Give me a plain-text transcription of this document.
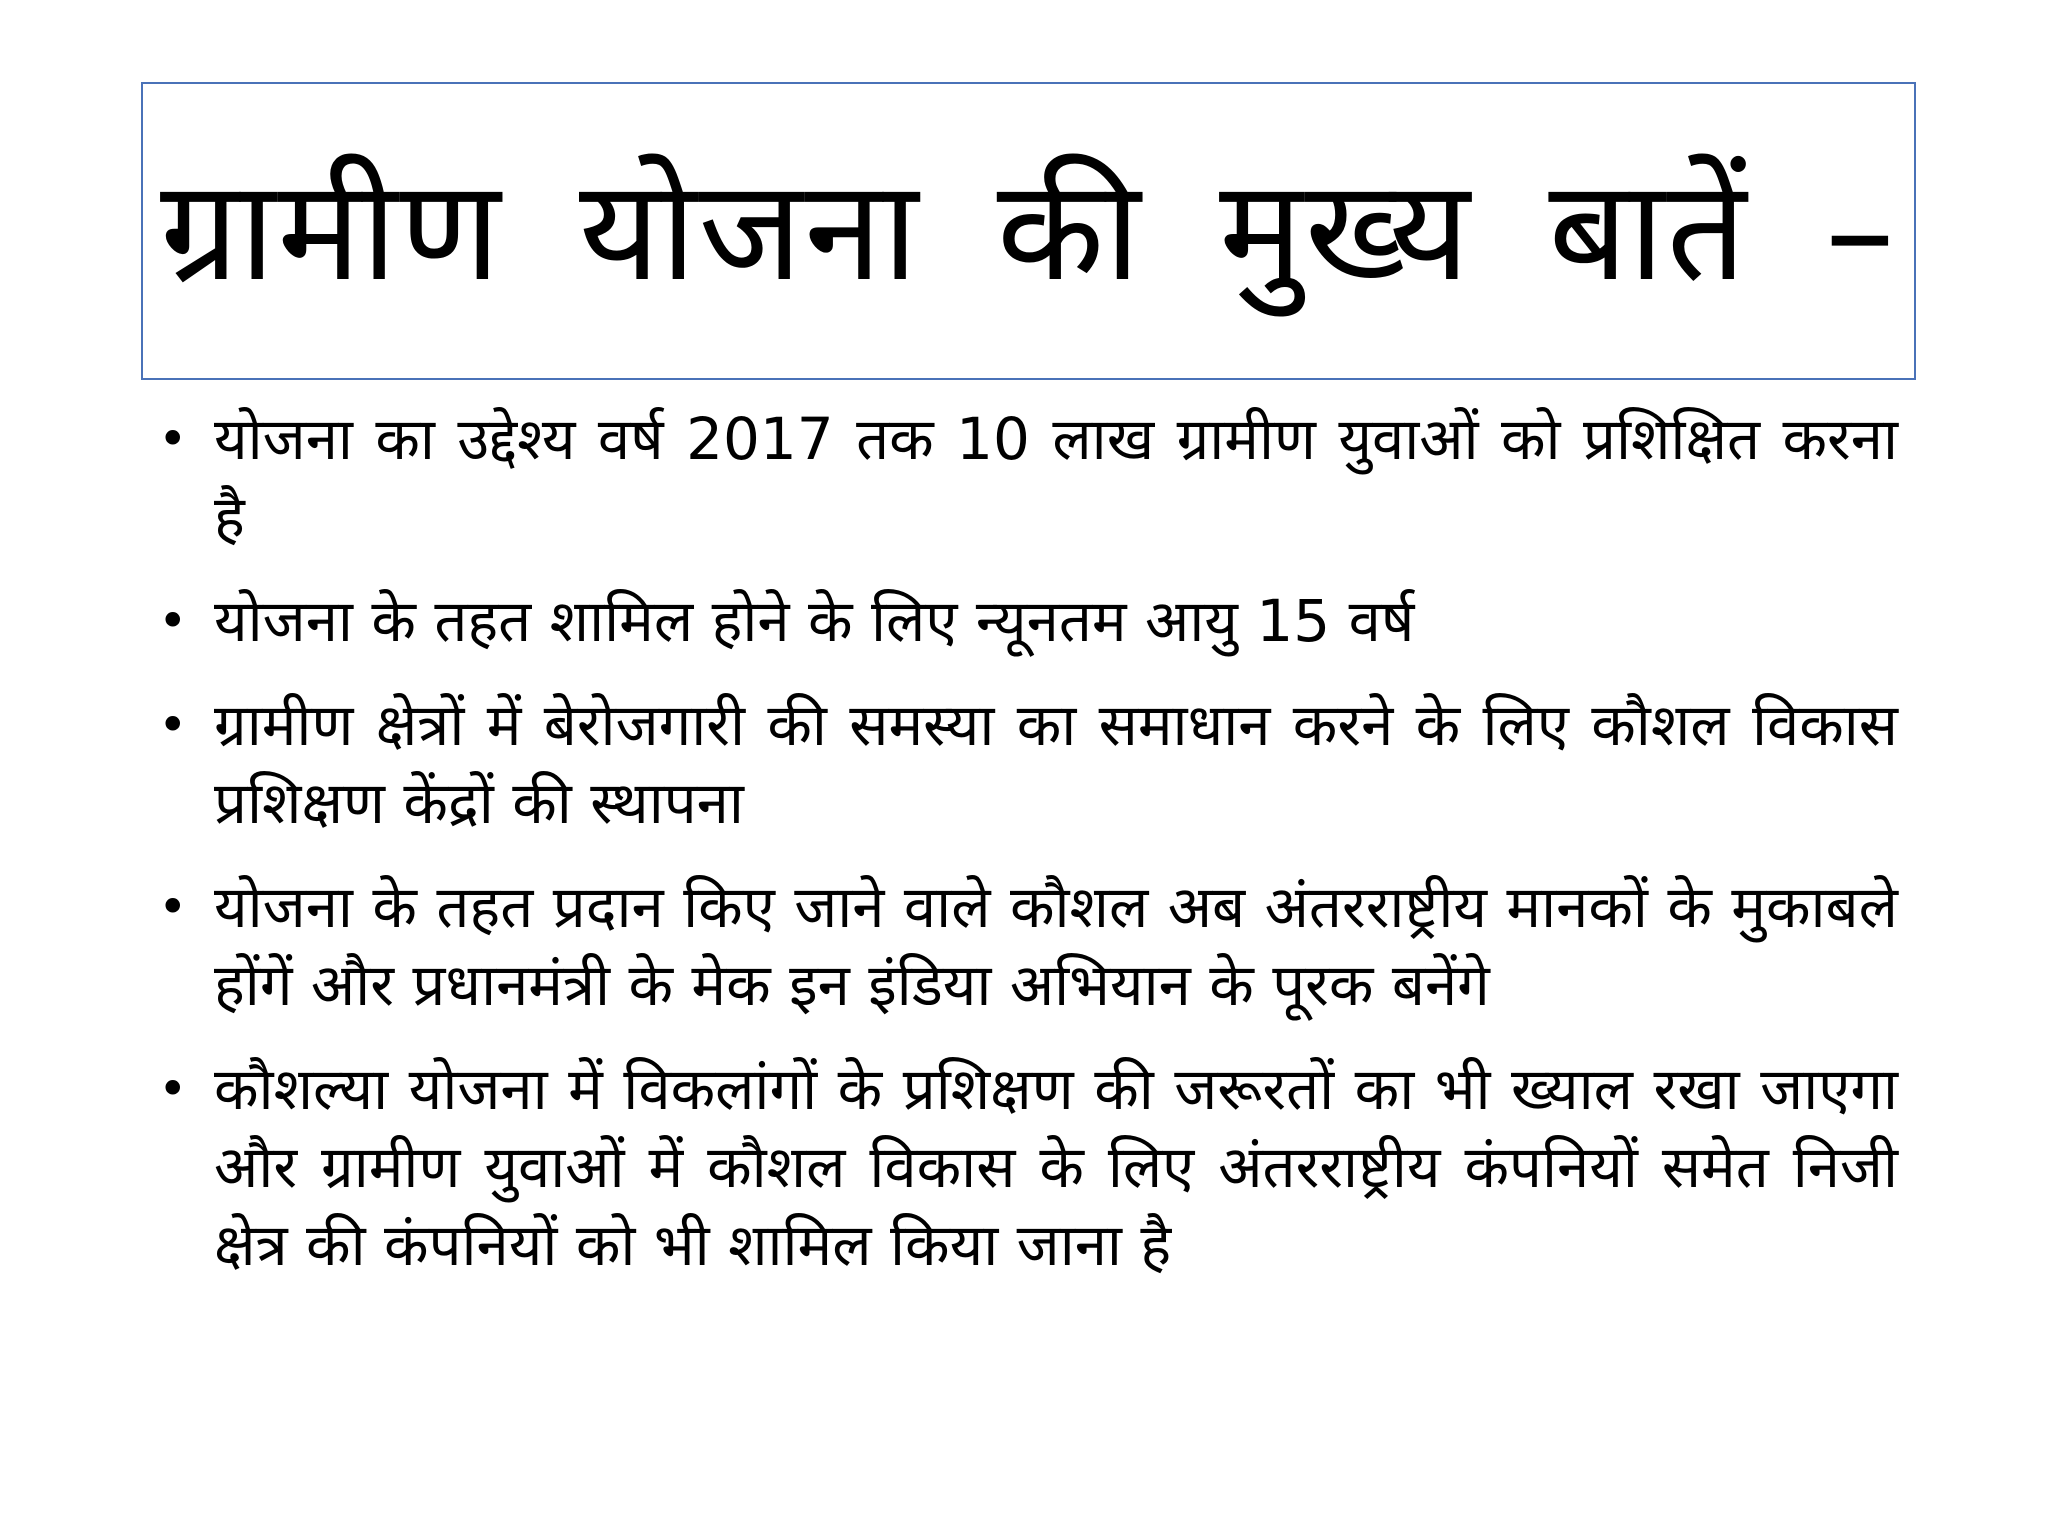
ग्रामीण योजना की मुख्य बातें –
• योजना का उद्देश्य वर्ष 2017 तक 10 लाख ग्रामीण युवाओं को प्रशिक्षित करना है
• योजना के तहत शामिल होने के लिए न्यूनतम आयु 15 वर्ष
• ग्रामीण क्षेत्रों में बेरोजगारी की समस्या का समाधान करने के लिए कौशल विकास प्रशिक्षण केंद्रों की स्थापना
• योजना के तहत प्रदान किए जाने वाले कौशल अब अंतरराष्ट्रीय मानकों के मुकाबले होंगें और प्रधानमंत्री के मेक इन इंडिया अभियान के पूरक बनेंगे
• कौशल्या योजना में विकलांगों के प्रशिक्षण की जरूरतों का भी ख्याल रखा जाएगा और ग्रामीण युवाओं में कौशल विकास के लिए अंतरराष्ट्रीय कंपनियों समेत निजी क्षेत्र की कंपनियों को भी शामिल किया जाना है
